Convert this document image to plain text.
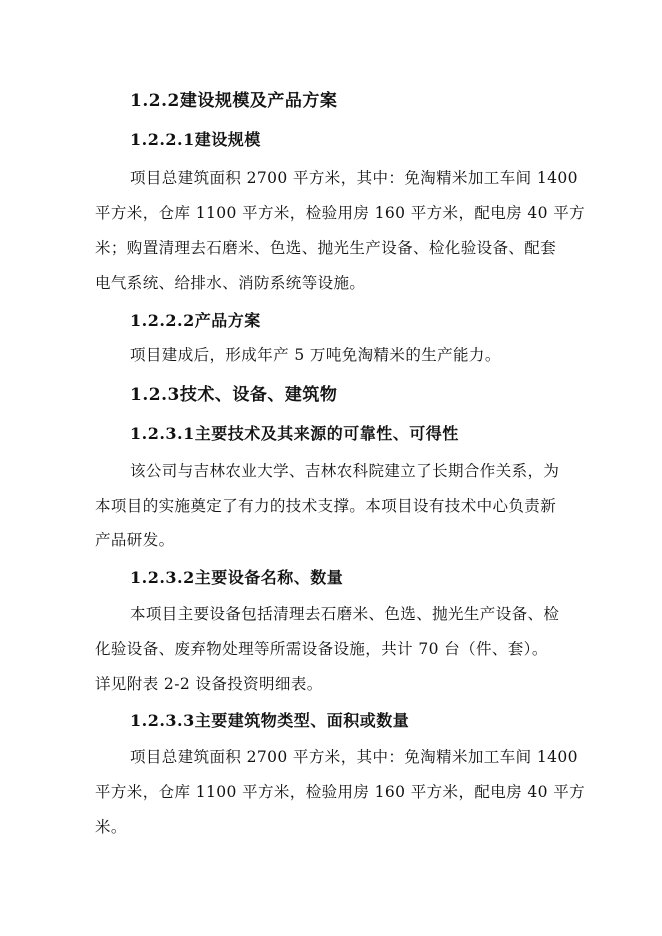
1.2.2建设规模及产品方案
1.2.2.1建设规模
项目总建筑面积 2700 平方米，其中：免淘精米加工车间 1400
平方米，仓库 1100 平方米，检验用房 160 平方米，配电房 40 平方
米；购置清理去石磨米、色选、抛光生产设备、检化验设备、配套
电气系统、给排水、消防系统等设施。
1.2.2.2产品方案
项目建成后，形成年产 5 万吨免淘精米的生产能力。
1.2.3技术、设备、建筑物
1.2.3.1主要技术及其来源的可靠性、可得性
该公司与吉林农业大学、吉林农科院建立了长期合作关系，为
本项目的实施奠定了有力的技术支撑。本项目设有技术中心负责新
产品研发。
1.2.3.2主要设备名称、数量
本项目主要设备包括清理去石磨米、色选、抛光生产设备、检
化验设备、废弃物处理等所需设备设施，共计 70 台（件、套）。
详见附表 2-2 设备投资明细表。
1.2.3.3主要建筑物类型、面积或数量
项目总建筑面积 2700 平方米，其中：免淘精米加工车间 1400
平方米，仓库 1100 平方米，检验用房 160 平方米，配电房 40 平方
米。
